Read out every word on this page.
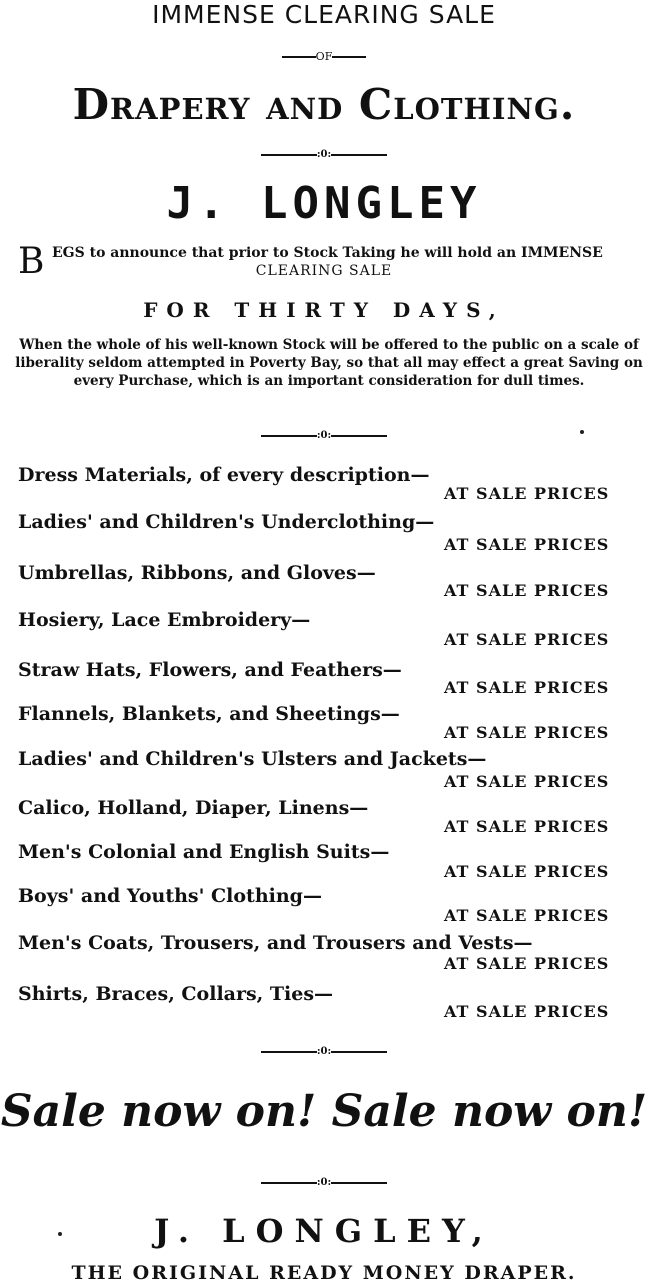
IMMENSE CLEARING SALE
OF
Drapery and Clothing.
:0:
J. LONGLEY
B EGS to announce that prior to Stock Taking he will hold an IMMENSE
CLEARING SALE
FOR THIRTY DAYS,
When the whole of his well-known Stock will be offered to the public on a scale of liberality seldom attempted in Poverty Bay, so that all may effect a great Saving on every Purchase, which is an important consideration for dull times.
:0:
Dress Materials, of every description—
AT SALE PRICES
Ladies' and Children's Underclothing—
AT SALE PRICES
Umbrellas, Ribbons, and Gloves—
AT SALE PRICES
Hosiery, Lace Embroidery—
AT SALE PRICES
Straw Hats, Flowers, and Feathers—
AT SALE PRICES
Flannels, Blankets, and Sheetings—
AT SALE PRICES
Ladies' and Children's Ulsters and Jackets—
AT SALE PRICES
Calico, Holland, Diaper, Linens—
AT SALE PRICES
Men's Colonial and English Suits—
AT SALE PRICES
Boys' and Youths' Clothing—
AT SALE PRICES
Men's Coats, Trousers, and Trousers and Vests—
AT SALE PRICES
Shirts, Braces, Collars, Ties—
AT SALE PRICES
:0:
Sale now on! Sale now on!
:0:
J. LONGLEY,
THE ORIGINAL READY MONEY DRAPER.
